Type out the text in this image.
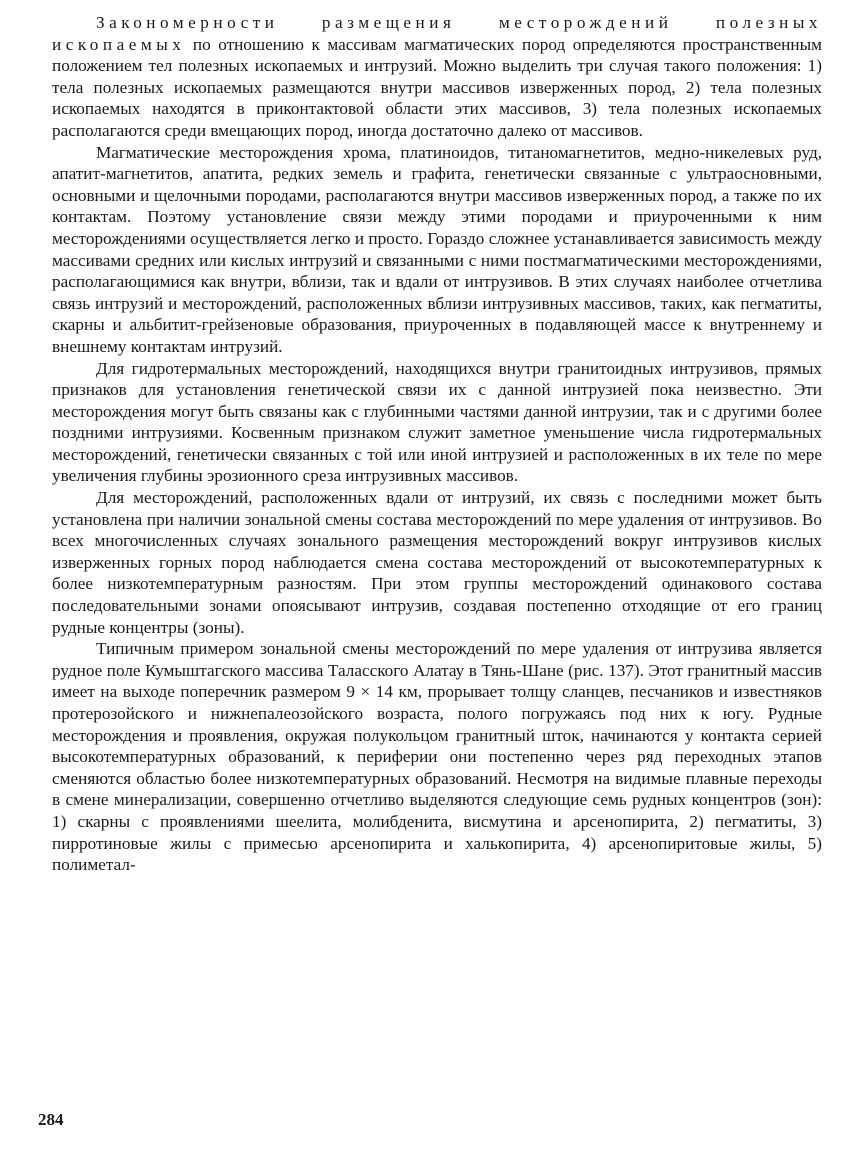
Закономерности размещения месторождений полезных ископаемых по отношению к массивам магматических пород определяются пространственным положением тел полезных ископаемых и интрузий. Можно выделить три случая такого положения: 1) тела полезных ископаемых размещаются внутри массивов изверженных пород, 2) тела полезных ископаемых находятся в приконтактовой области этих массивов, 3) тела полезных ископаемых располагаются среди вмещающих пород, иногда достаточно далеко от массивов.

Магматические месторождения хрома, платиноидов, титаномагнетитов, медно-никелевых руд, апатит-магнетитов, апатита, редких земель и графита, генетически связанные с ультраосновными, основными и щелочными породами, располагаются внутри массивов изверженных пород, а также по их контактам. Поэтому установление связи между этими породами и приуроченными к ним месторождениями осуществляется легко и просто. Гораздо сложнее устанавливается зависимость между массивами средних или кислых интрузий и связанными с ними постмагматическими месторождениями, располагающимися как внутри, вблизи, так и вдали от интрузивов. В этих случаях наиболее отчетлива связь интрузий и месторождений, расположенных вблизи интрузивных массивов, таких, как пегматиты, скарны и альбитит-грейзеновые образования, приуроченных в подавляющей массе к внутреннему и внешнему контактам интрузий.

Для гидротермальных месторождений, находящихся внутри гранитоидных интрузивов, прямых признаков для установления генетической связи их с данной интрузией пока неизвестно. Эти месторождения могут быть связаны как с глубинными частями данной интрузии, так и с другими более поздними интрузиями. Косвенным признаком служит заметное уменьшение числа гидротермальных месторождений, генетически связанных с той или иной интрузией и расположенных в их теле по мере увеличения глубины эрозионного среза интрузивных массивов.

Для месторождений, расположенных вдали от интрузий, их связь с последними может быть установлена при наличии зональной смены состава месторождений по мере удаления от интрузивов. Во всех многочисленных случаях зонального размещения месторождений вокруг интрузивов кислых изверженных горных пород наблюдается смена состава месторождений от высокотемпературных к более низкотемпературным разностям. При этом группы месторождений одинакового состава последовательными зонами опоясывают интрузив, создавая постепенно отходящие от его границ рудные концентры (зоны).

Типичным примером зональной смены месторождений по мере удаления от интрузива является рудное поле Кумыштагского массива Таласского Алатау в Тянь-Шане (рис. 137). Этот гранитный массив имеет на выходе поперечник размером 9 × 14 км, прорывает толщу сланцев, песчаников и известняков протерозойского и нижнепалеозойского возраста, полого погружаясь под них к югу. Рудные месторождения и проявления, окружая полукольцом гранитный шток, начинаются у контакта серией высокотемпературных образований, к периферии они постепенно через ряд переходных этапов сменяются областью более низкотемпературных образований. Несмотря на видимые плавные переходы в смене минерализации, совершенно отчетливо выделяются следующие семь рудных концентров (зон): 1) скарны с проявлениями шеелита, молибденита, висмутина и арсенопирита, 2) пегматиты, 3) пирротиновые жилы с примесью арсенопирита и халькопирита, 4) арсенопиритовые жилы, 5) полиметал-

284
